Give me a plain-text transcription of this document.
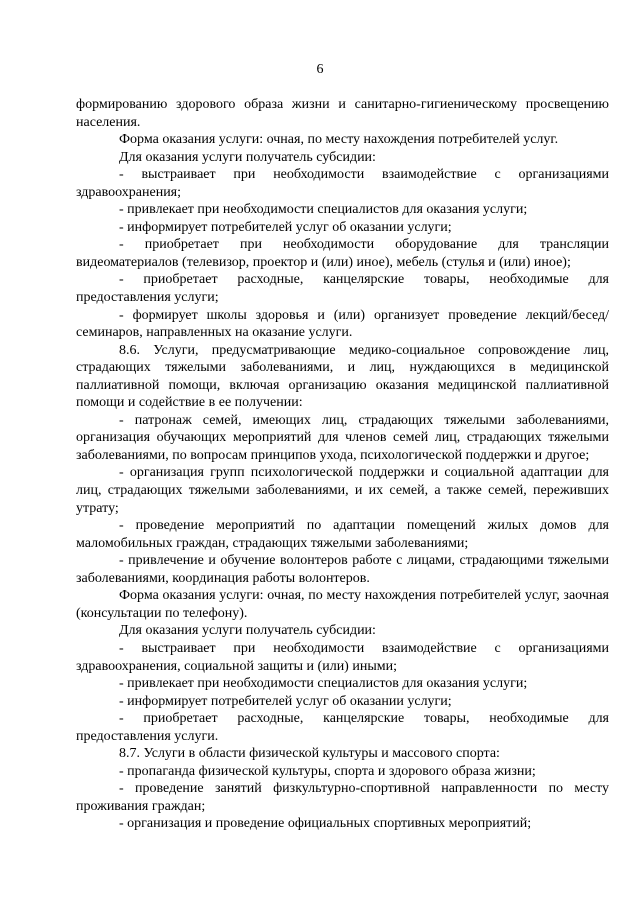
6

формированию здорового образа жизни и санитарно-гигиеническому просвещению населения.

Форма оказания услуги: очная, по месту нахождения потребителей услуг.

Для оказания услуги получатель субсидии:

- выстраивает при необходимости взаимодействие с организациями здравоохранения;

- привлекает при необходимости специалистов для оказания услуги;

- информирует потребителей услуг об оказании услуги;

- приобретает при необходимости оборудование для трансляции видеоматериалов (телевизор, проектор и (или) иное), мебель (стулья и (или) иное);

- приобретает расходные, канцелярские товары, необходимые для предоставления услуги;

- формирует школы здоровья и (или) организует проведение лекций/бесед/семинаров, направленных на оказание услуги.

8.6. Услуги, предусматривающие медико-социальное сопровождение лиц, страдающих тяжелыми заболеваниями, и лиц, нуждающихся в медицинской паллиативной помощи, включая организацию оказания медицинской паллиативной помощи и содействие в ее получении:

- патронаж семей, имеющих лиц, страдающих тяжелыми заболеваниями, организация обучающих мероприятий для членов семей лиц, страдающих тяжелыми заболеваниями, по вопросам принципов ухода, психологической поддержки и другое;

- организация групп психологической поддержки и социальной адаптации для лиц, страдающих тяжелыми заболеваниями, и их семей, а также семей, переживших утрату;

- проведение мероприятий по адаптации помещений жилых домов для маломобильных граждан, страдающих тяжелыми заболеваниями;

- привлечение и обучение волонтеров работе с лицами, страдающими тяжелыми заболеваниями, координация работы волонтеров.

Форма оказания услуги: очная, по месту нахождения потребителей услуг, заочная (консультации по телефону).

Для оказания услуги получатель субсидии:

- выстраивает при необходимости взаимодействие с организациями здравоохранения, социальной защиты и (или) иными;

- привлекает при необходимости специалистов для оказания услуги;

- информирует потребителей услуг об оказании услуги;

- приобретает расходные, канцелярские товары, необходимые для предоставления услуги.

8.7. Услуги в области физической культуры и массового спорта:

- пропаганда физической культуры, спорта и здорового образа жизни;

- проведение занятий физкультурно-спортивной направленности по месту проживания граждан;

- организация и проведение официальных спортивных мероприятий;
